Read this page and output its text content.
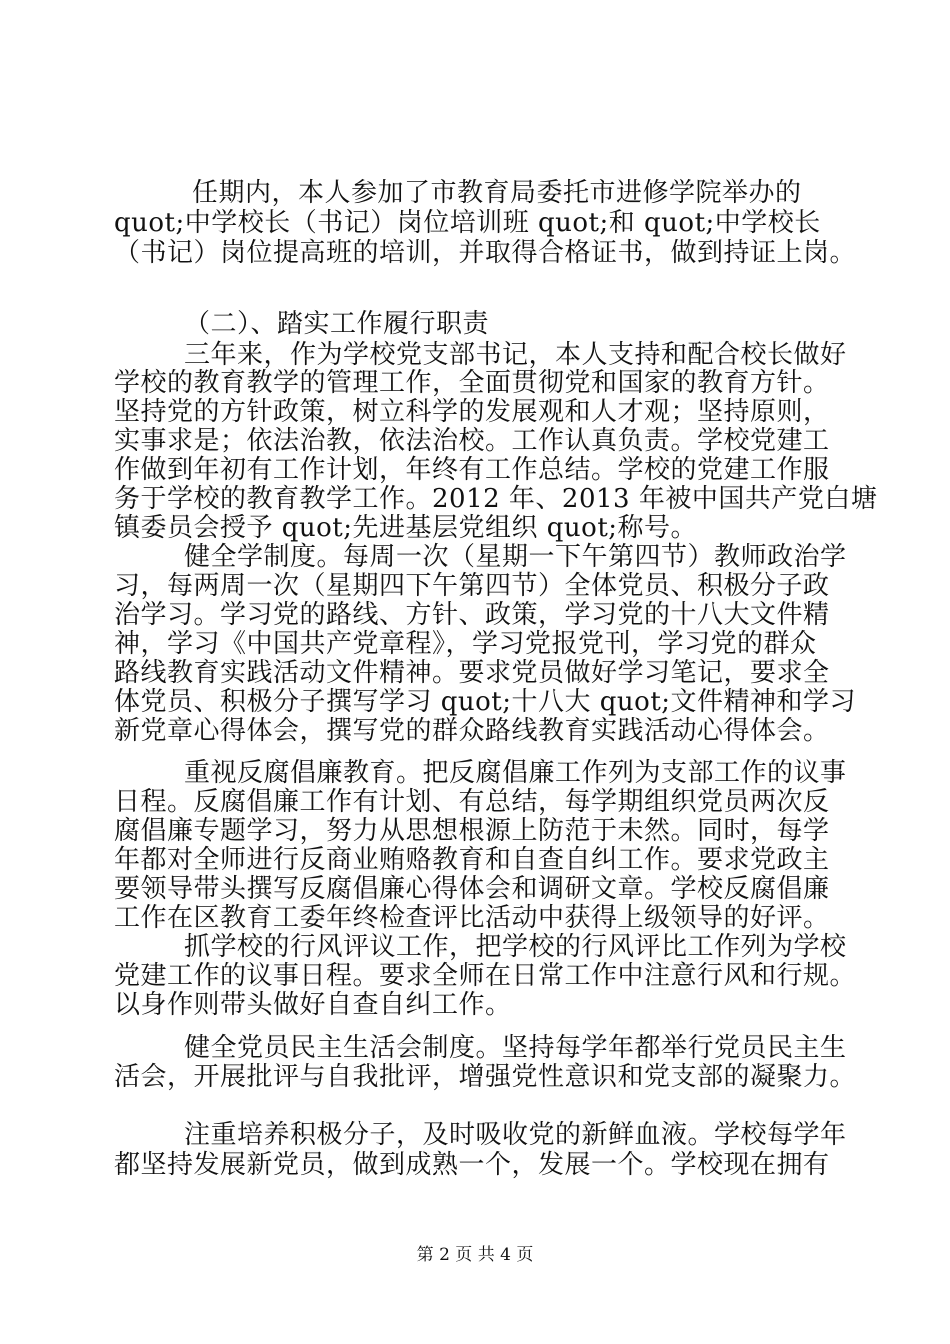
任期内，本人参加了市教育局委托市进修学院举办的
quot;中学校长（书记）岗位培训班 quot;和 quot;中学校长
（书记）岗位提高班的培训，并取得合格证书，做到持证上岗。
（二）、踏实工作履行职责
三年来，作为学校党支部书记，本人支持和配合校长做好
学校的教育教学的管理工作，全面贯彻党和国家的教育方针。
坚持党的方针政策，树立科学的发展观和人才观；坚持原则，
实事求是；依法治教，依法治校。工作认真负责。学校党建工
作做到年初有工作计划，年终有工作总结。学校的党建工作服
务于学校的教育教学工作。2012 年、2013 年被中国共产党白塘
镇委员会授予 quot;先进基层党组织 quot;称号。
健全学制度。每周一次（星期一下午第四节）教师政治学
习，每两周一次（星期四下午第四节）全体党员、积极分子政
治学习。学习党的路线、方针、政策，学习党的十八大文件精
神，学习《中国共产党章程》，学习党报党刊，学习党的群众
路线教育实践活动文件精神。要求党员做好学习笔记，要求全
体党员、积极分子撰写学习 quot;十八大 quot;文件精神和学习
新党章心得体会，撰写党的群众路线教育实践活动心得体会。
重视反腐倡廉教育。把反腐倡廉工作列为支部工作的议事
日程。反腐倡廉工作有计划、有总结，每学期组织党员两次反
腐倡廉专题学习，努力从思想根源上防范于未然。同时，每学
年都对全师进行反商业贿赂教育和自查自纠工作。要求党政主
要领导带头撰写反腐倡廉心得体会和调研文章。学校反腐倡廉
工作在区教育工委年终检查评比活动中获得上级领导的好评。
抓学校的行风评议工作，把学校的行风评比工作列为学校
党建工作的议事日程。要求全师在日常工作中注意行风和行规。
以身作则带头做好自查自纠工作。
健全党员民主生活会制度。坚持每学年都举行党员民主生
活会，开展批评与自我批评，增强党性意识和党支部的凝聚力。
注重培养积极分子，及时吸收党的新鲜血液。学校每学年
都坚持发展新党员，做到成熟一个，发展一个。学校现在拥有
第 2 页 共 4 页
